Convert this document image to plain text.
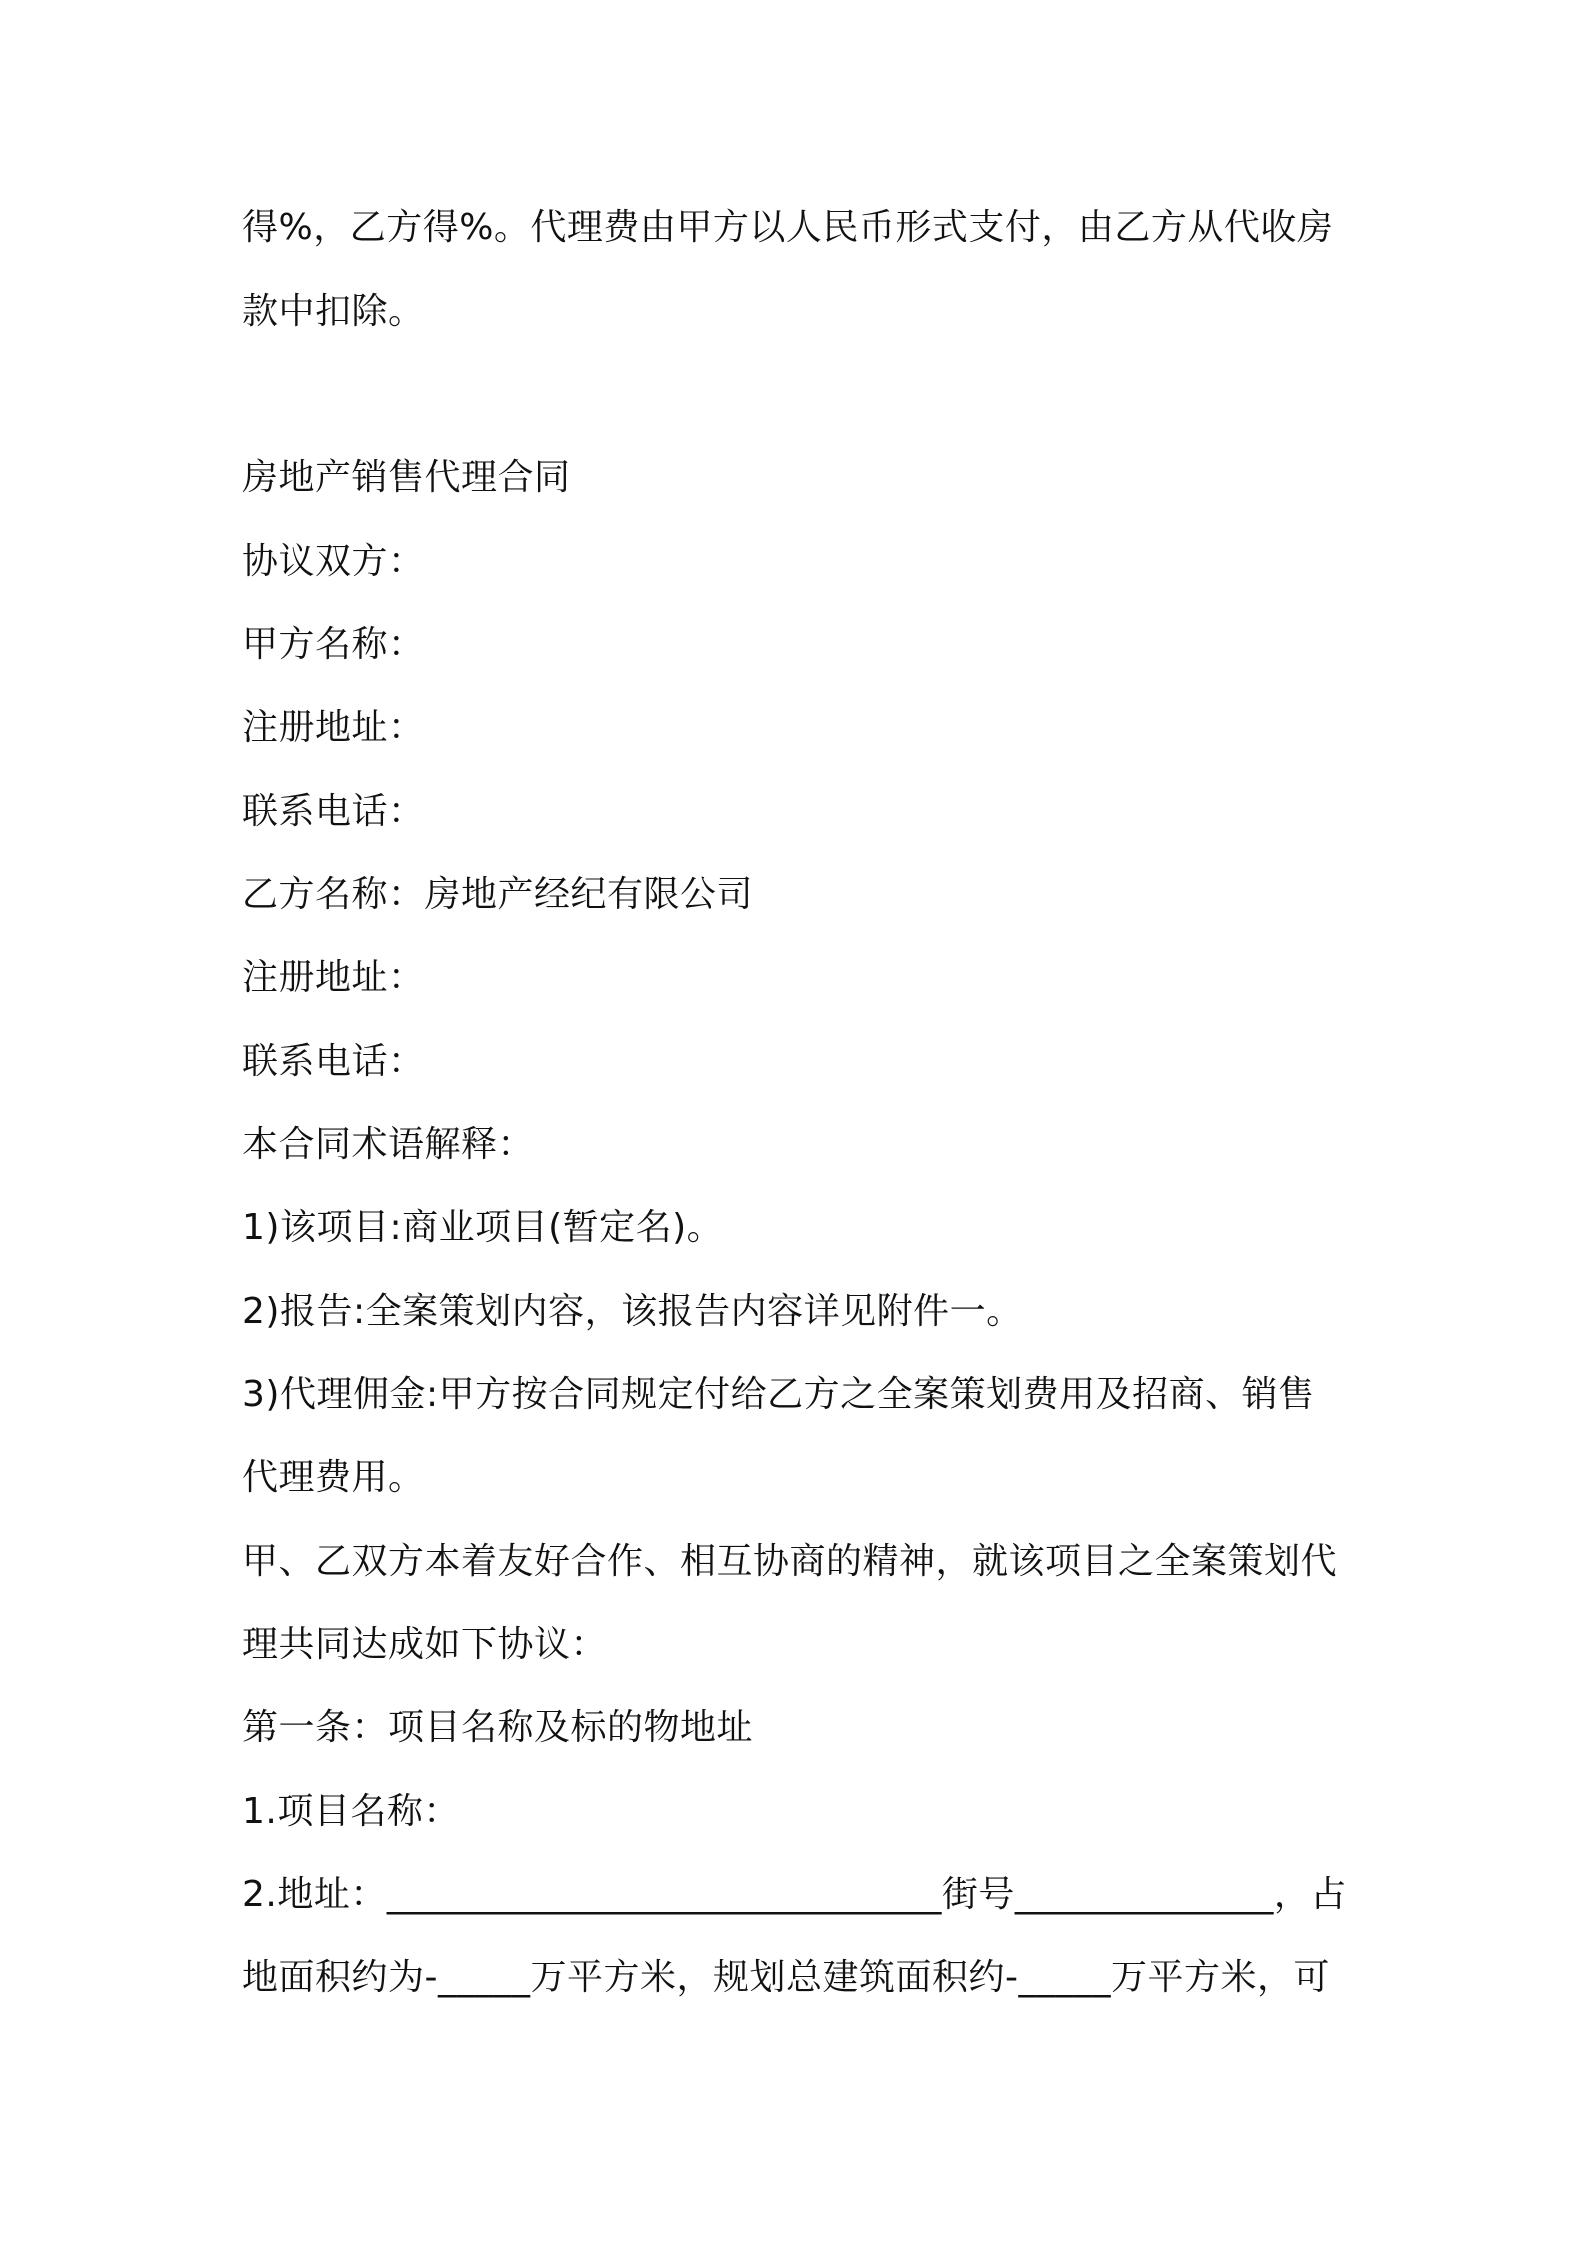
得%，乙方得%。代理费由甲方以人民币形式支付，由乙方从代收房
款中扣除。
房地产销售代理合同
协议双方：
甲方名称：
注册地址：
联系电话：
乙方名称：房地产经纪有限公司
注册地址：
联系电话：
本合同术语解释：
1)该项目:商业项目(暂定名)。
2)报告:全案策划内容，该报告内容详见附件一。
3)代理佣金:甲方按合同规定付给乙方之全案策划费用及招商、销售
代理费用。
甲、乙双方本着友好合作、相互协商的精神，就该项目之全案策划代
理共同达成如下协议：
第一条：项目名称及标的物地址
1.项目名称：
2.地址：______________________________街号______________，占
地面积约为-_____万平方米，规划总建筑面积约-_____万平方米，可
